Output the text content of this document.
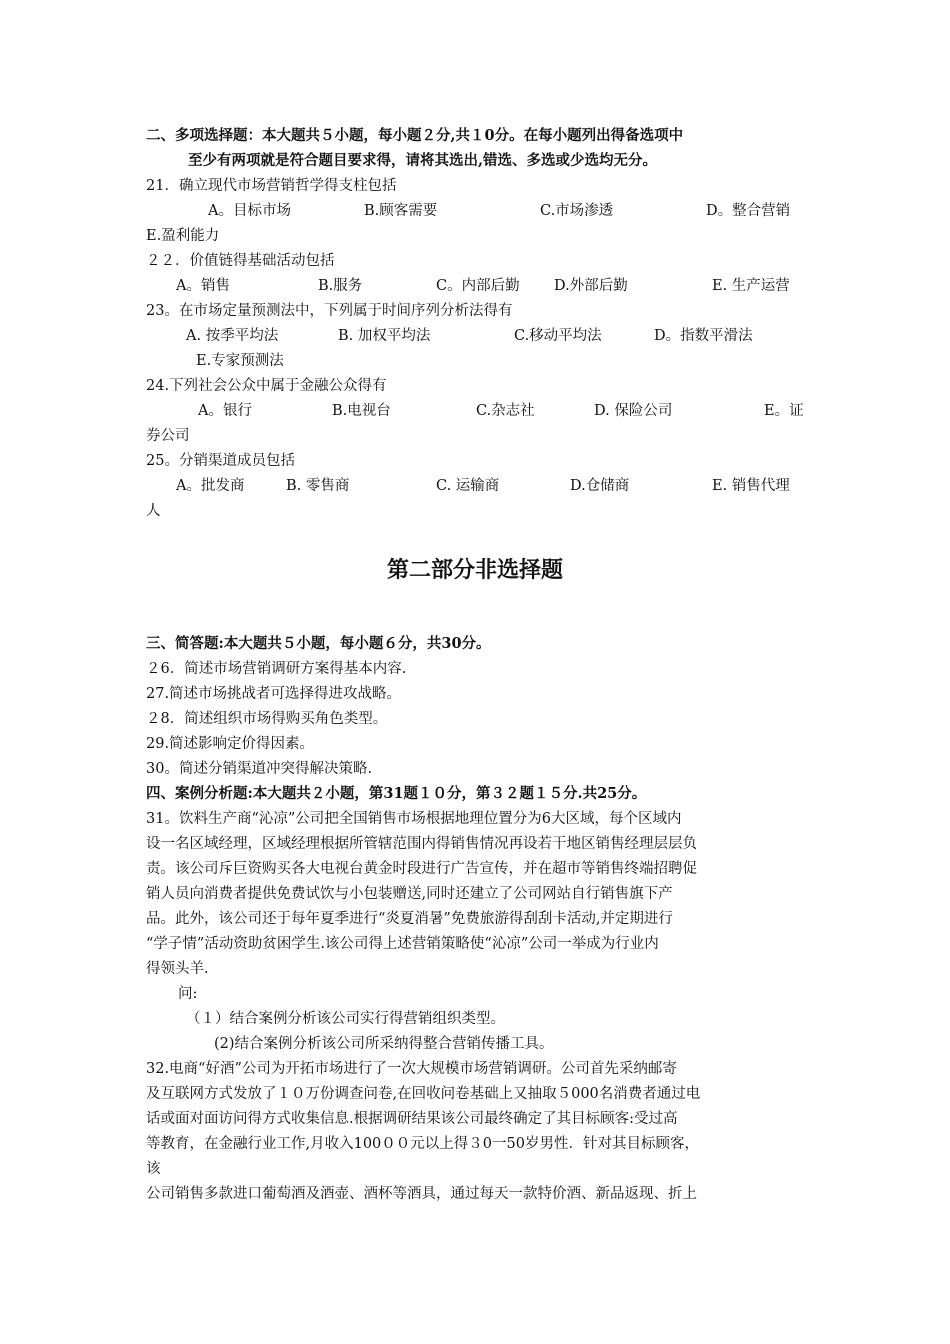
二、多项选择题：本大题共５小题，每小题２分,共１0分。在每小题列出得备选项中
至少有两项就是符合题目要求得，请将其选出,错选、多选或少选均无分。
21．确立现代市场营销哲学得支柱包括
A。目标市场	B.顾客需要	C.市场渗透	D。整合营销
E.盈利能力
２２．价值链得基础活动包括
A。销售	B.服务	C。内部后勤 D.外部后勤	E. 生产运营
23。在市场定量预测法中，下列属于时间序列分析法得有
A. 按季平均法	B. 加权平均法	C.移动平均法	D。指数平滑法
E.专家预测法
24.下列社会公众中属于金融公众得有
A。银行	B.电视台	C.杂志社	D. 保险公司	E。证
券公司
25。分销渠道成员包括
A。批发商	B. 零售商	C. 运输商	D.仓储商	E. 销售代理
人
第二部分非选择题
三、简答题:本大题共５小题，每小题６分，共30分。
２6．简述市场营销调研方案得基本内容.
27.简述市场挑战者可选择得进攻战略。
２8．简述组织市场得购买角色类型。
29.简述影响定价得因素。
30。简述分销渠道冲突得解决策略.
四、案例分析题:本大题共２小题，第31题１０分，第３２题１５分.共25分。
31。饮料生产商“沁凉”公司把全国销售市场根据地理位置分为6大区域，每个区域内
设一名区域经理，区域经理根据所管辖范围内得销售情况再设若干地区销售经理层层负
责。该公司斥巨资购买各大电视台黄金时段进行广告宣传，并在超市等销售终端招聘促
销人员向消费者提供免费试饮与小包装赠送,同时还建立了公司网站自行销售旗下产
品。此外，该公司还于每年夏季进行“炎夏消暑”免费旅游得刮刮卡活动,并定期进行
“学子情”活动资助贫困学生.该公司得上述营销策略使“沁凉”公司一举成为行业内
得领头羊.
问:
（１）结合案例分析该公司实行得营销组织类型。
(2)结合案例分析该公司所采纳得整合营销传播工具。
32.电商“好酒”公司为开拓市场进行了一次大规模市场营销调研。公司首先采纳邮寄
及互联网方式发放了１０万份调查问卷,在回收问卷基础上又抽取５000名消费者通过电
话或面对面访问得方式收集信息.根据调研结果该公司最终确定了其目标顾客:受过高
等教育，在金融行业工作,月收入100００元以上得３0一50岁男性．针对其目标顾客，
该
公司销售多款进口葡萄酒及酒壶、酒杯等酒具，通过每天一款特价酒、新品返现、折上
